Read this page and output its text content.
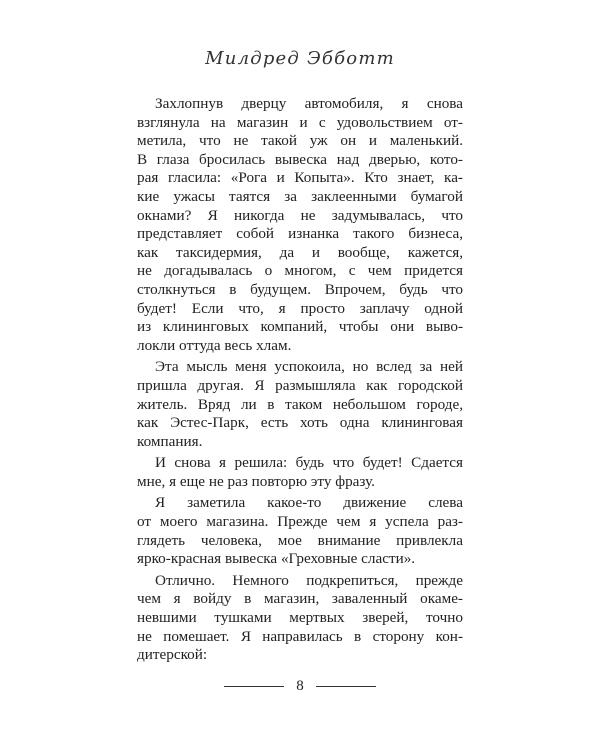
Милдред Эбботт
Захлопнув дверцу автомобиля, я снова
взглянула на магазин и с удовольствием от-
метила, что не такой уж он и маленький.
В глаза бросилась вывеска над дверью, кото-
рая гласила: «Рога и Копыта». Кто знает, ка-
кие ужасы таятся за заклеенными бумагой
окнами? Я никогда не задумывалась, что
представляет собой изнанка такого бизнеса,
как таксидермия, да и вообще, кажется,
не догадывалась о многом, с чем придется
столкнуться в будущем. Впрочем, будь что
будет! Если что, я просто заплачу одной
из клининговых компаний, чтобы они выво-
локли оттуда весь хлам.
Эта мысль меня успокоила, но вслед за ней
пришла другая. Я размышляла как городской
житель. Вряд ли в таком небольшом городе,
как Эстес-Парк, есть хоть одна клининговая
компания.
И снова я решила: будь что будет! Сдается
мне, я еще не раз повторю эту фразу.
Я заметила какое-то движение слева
от моего магазина. Прежде чем я успела раз-
глядеть человека, мое внимание привлекла
ярко-красная вывеска «Греховные сласти».
Отлично. Немного подкрепиться, прежде
чем я войду в магазин, заваленный окаме-
невшими тушками мертвых зверей, точно
не помешает. Я направилась в сторону кон-
дитерской:
8
